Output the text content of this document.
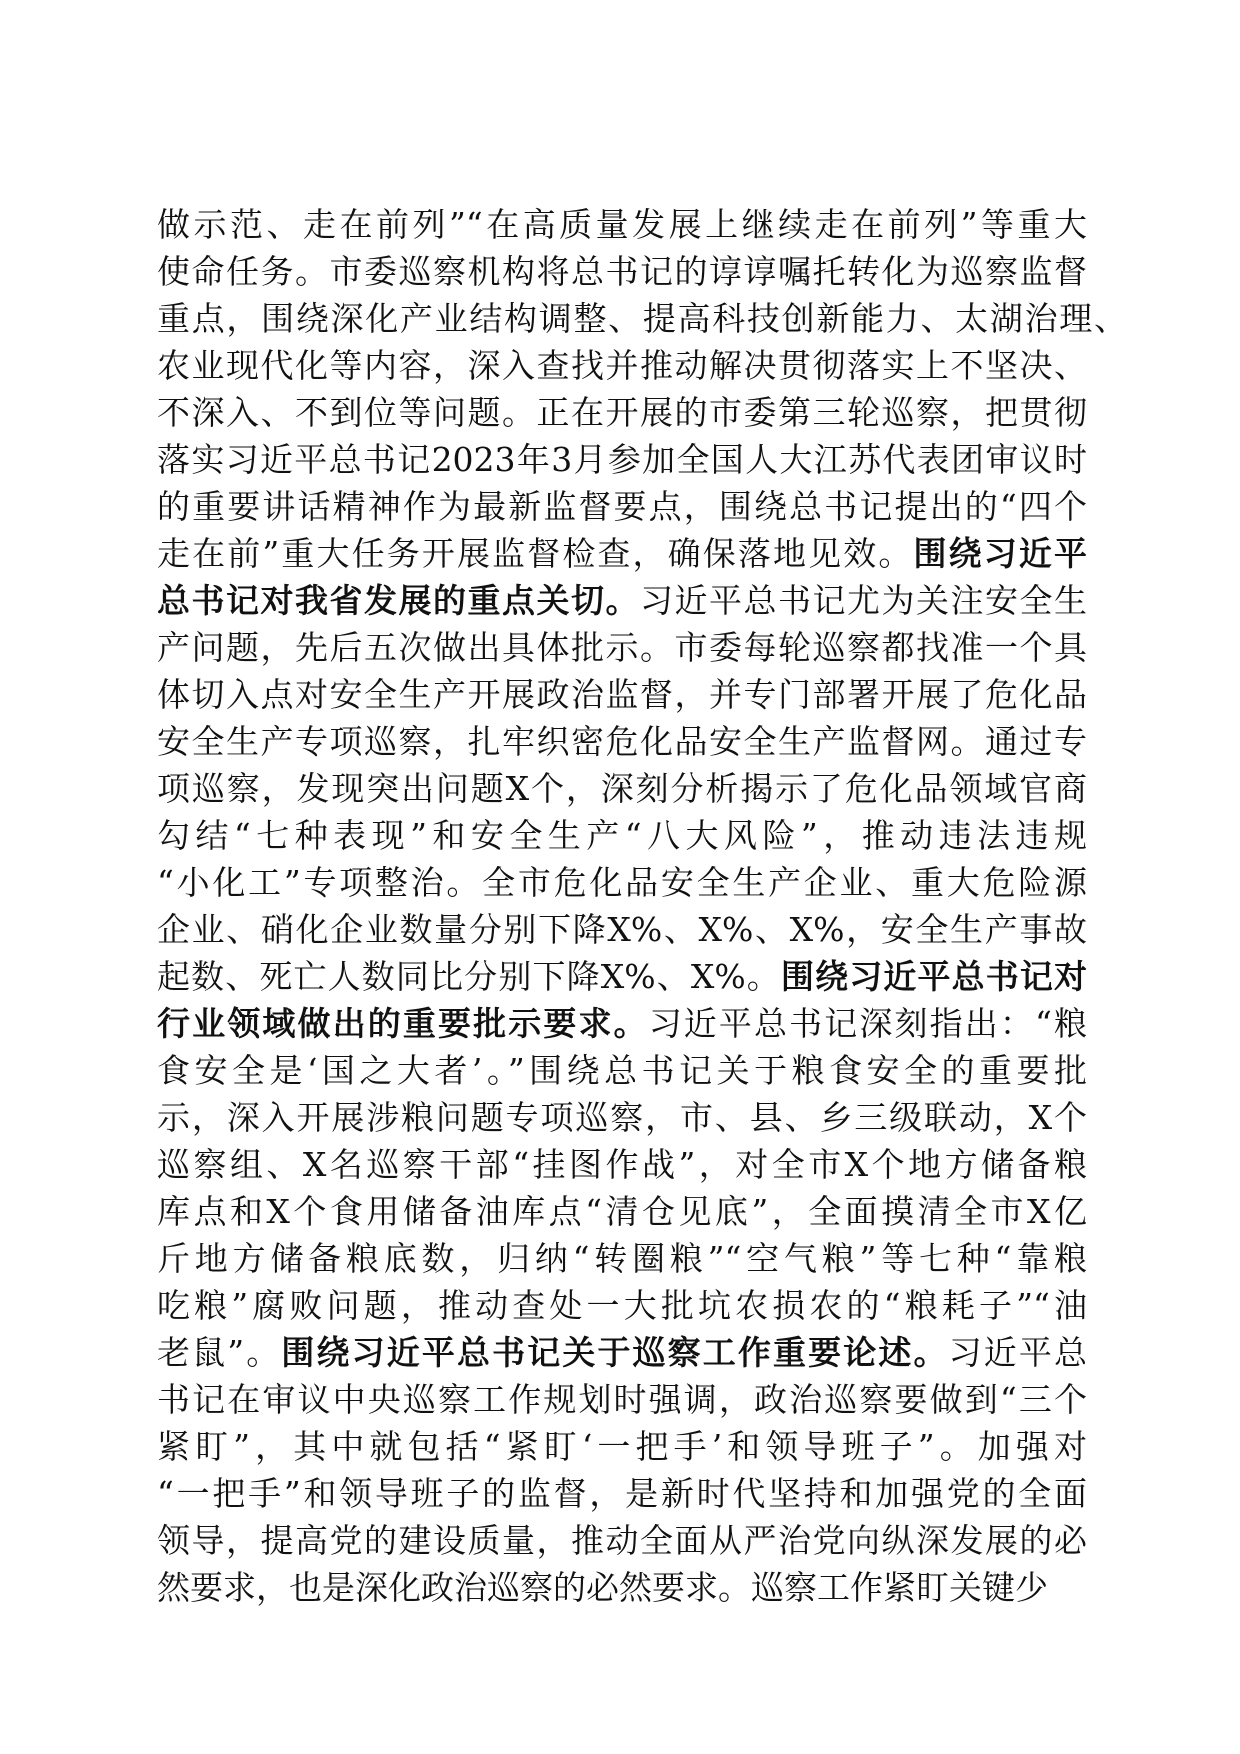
做示范、走在前列”“在高质量发展上继续走在前列”等重大
使命任务。市委巡察机构将总书记的谆谆嘱托转化为巡察监督
重点，围绕深化产业结构调整、提高科技创新能力、太湖治理、
农业现代化等内容，深入查找并推动解决贯彻落实上不坚决、
不深入、不到位等问题。正在开展的市委第三轮巡察，把贯彻
落实习近平总书记2023年3月参加全国人大江苏代表团审议时
的重要讲话精神作为最新监督要点，围绕总书记提出的“四个
走在前”重大任务开展监督检查，确保落地见效。围绕习近平
总书记对我省发展的重点关切。习近平总书记尤为关注安全生
产问题，先后五次做出具体批示。市委每轮巡察都找准一个具
体切入点对安全生产开展政治监督，并专门部署开展了危化品
安全生产专项巡察，扎牢织密危化品安全生产监督网。通过专
项巡察，发现突出问题X个，深刻分析揭示了危化品领域官商
勾结“七种表现”和安全生产“八大风险”，推动违法违规
“小化工”专项整治。全市危化品安全生产企业、重大危险源
企业、硝化企业数量分别下降X%、X%、X%，安全生产事故
起数、死亡人数同比分别下降X%、X%。围绕习近平总书记对
行业领域做出的重要批示要求。习近平总书记深刻指出：“粮
食安全是‘国之大者’。”围绕总书记关于粮食安全的重要批
示，深入开展涉粮问题专项巡察，市、县、乡三级联动，X个
巡察组、X名巡察干部“挂图作战”，对全市X个地方储备粮
库点和X个食用储备油库点“清仓见底”，全面摸清全市X亿
斤地方储备粮底数，归纳“转圈粮”“空气粮”等七种“靠粮
吃粮”腐败问题，推动查处一大批坑农损农的“粮耗子”“油
老鼠”。围绕习近平总书记关于巡察工作重要论述。习近平总
书记在审议中央巡察工作规划时强调，政治巡察要做到“三个
紧盯”，其中就包括“紧盯‘一把手’和领导班子”。加强对
“一把手”和领导班子的监督，是新时代坚持和加强党的全面
领导，提高党的建设质量，推动全面从严治党向纵深发展的必
然要求，也是深化政治巡察的必然要求。巡察工作紧盯关键少
